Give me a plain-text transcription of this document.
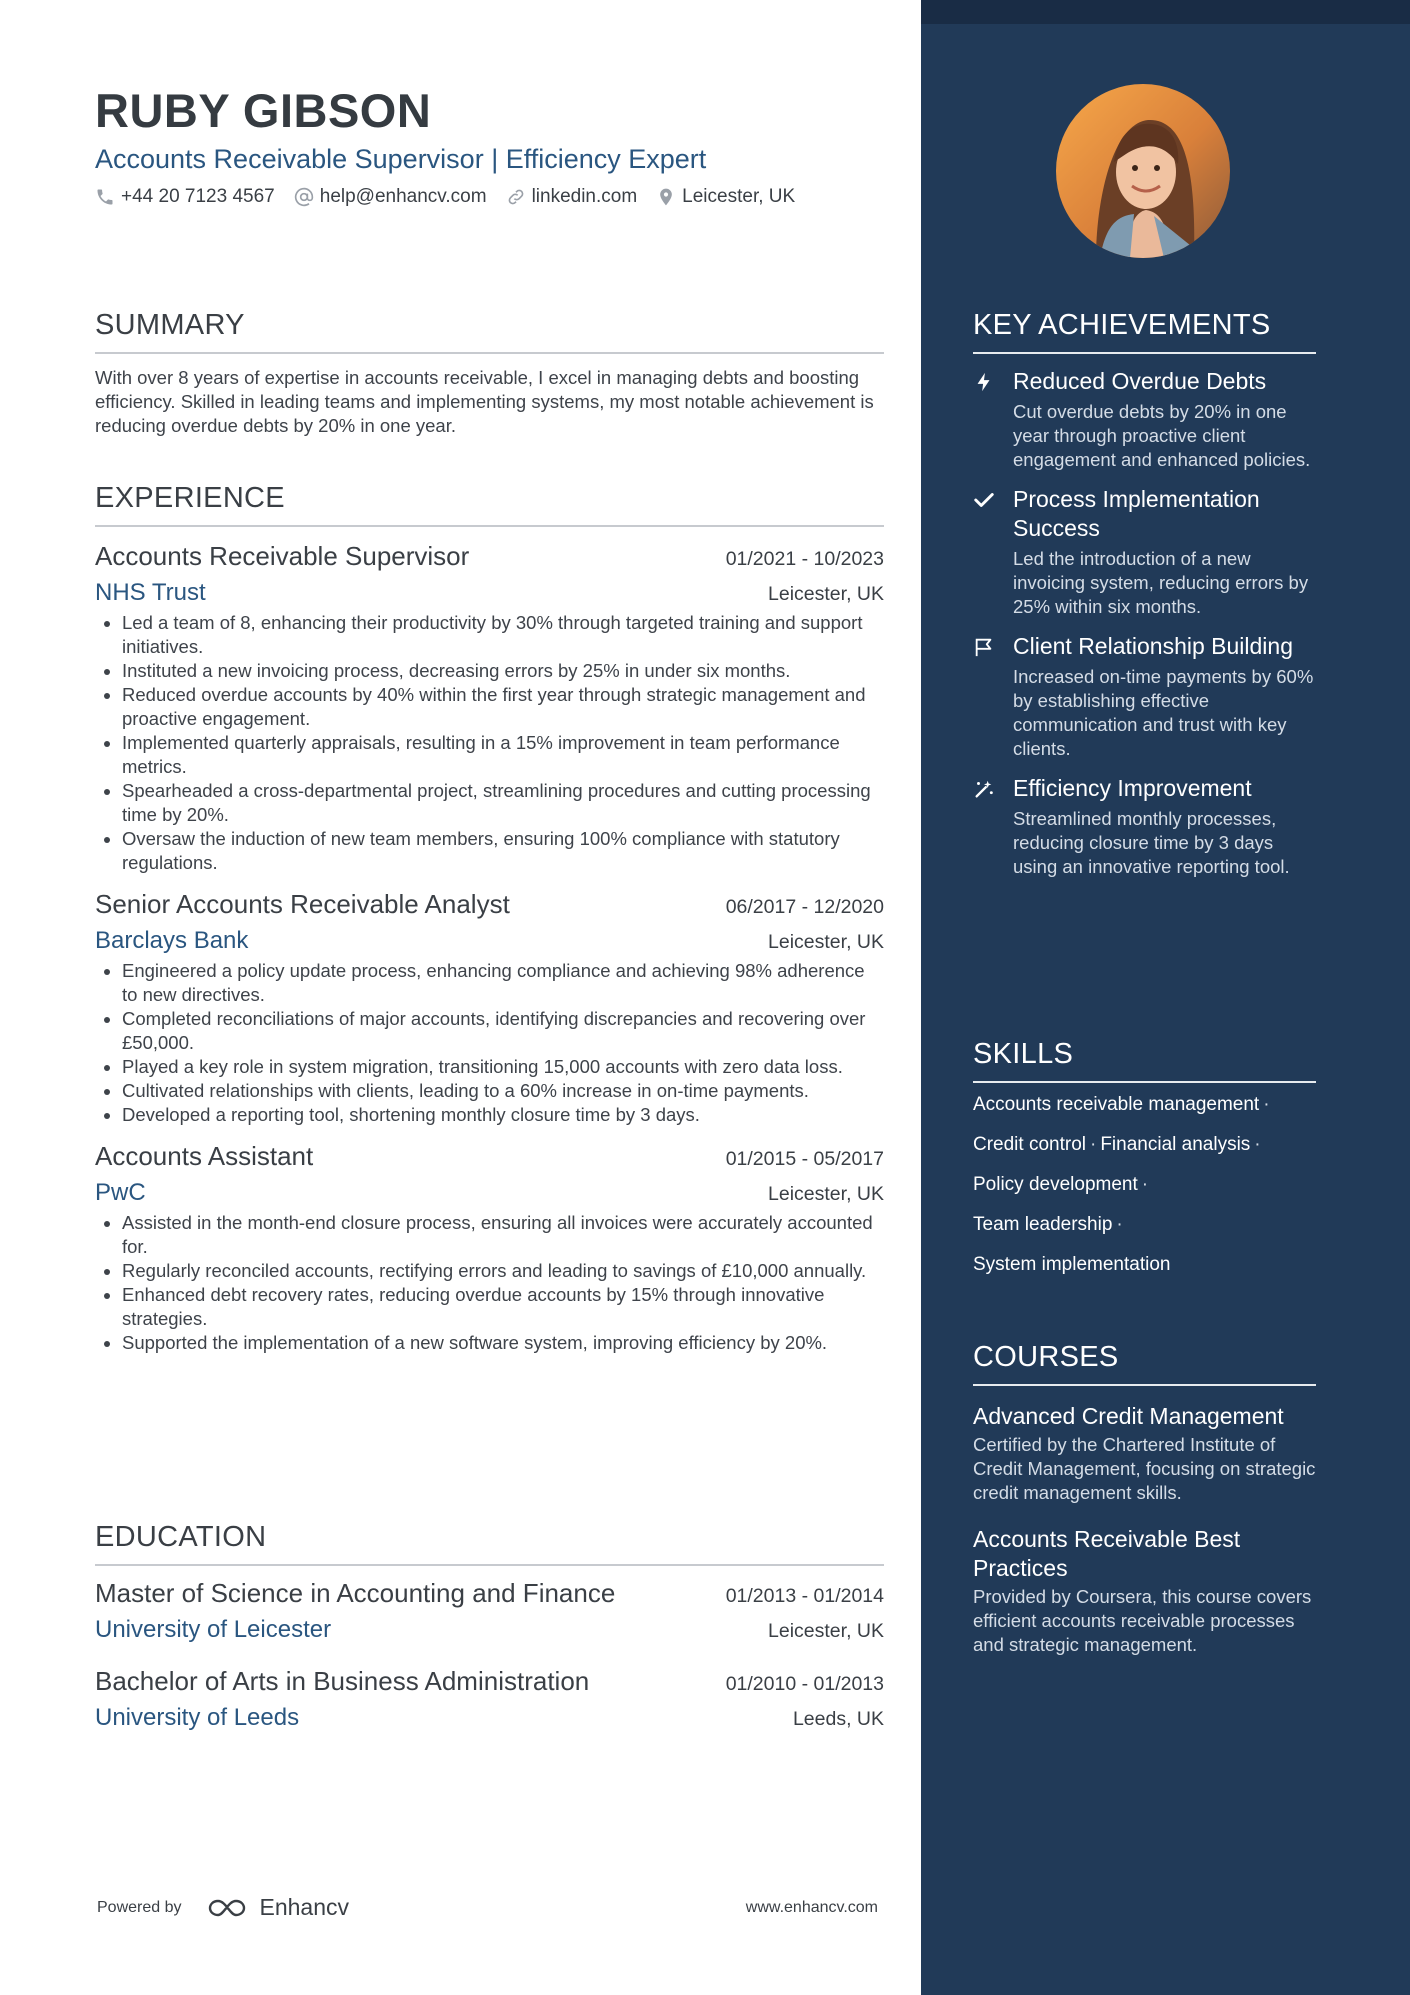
RUBY GIBSON
Accounts Receivable Supervisor | Efficiency Expert
+44 20 7123 4567 help@enhancv.com linkedin.com Leicester, UK
SUMMARY
With over 8 years of expertise in accounts receivable, I excel in managing debts and boosting efficiency. Skilled in leading teams and implementing systems, my most notable achievement is reducing overdue debts by 20% in one year.
EXPERIENCE
Accounts Receivable Supervisor	01/2021 - 10/2023
NHS Trust	Leicester, UK
• Led a team of 8, enhancing their productivity by 30% through targeted training and support initiatives.
• Instituted a new invoicing process, decreasing errors by 25% in under six months.
• Reduced overdue accounts by 40% within the first year through strategic management and proactive engagement.
• Implemented quarterly appraisals, resulting in a 15% improvement in team performance metrics.
• Spearheaded a cross-departmental project, streamlining procedures and cutting processing time by 20%.
• Oversaw the induction of new team members, ensuring 100% compliance with statutory regulations.
Senior Accounts Receivable Analyst	06/2017 - 12/2020
Barclays Bank	Leicester, UK
• Engineered a policy update process, enhancing compliance and achieving 98% adherence to new directives.
• Completed reconciliations of major accounts, identifying discrepancies and recovering over £50,000.
• Played a key role in system migration, transitioning 15,000 accounts with zero data loss.
• Cultivated relationships with clients, leading to a 60% increase in on-time payments.
• Developed a reporting tool, shortening monthly closure time by 3 days.
Accounts Assistant	01/2015 - 05/2017
PwC	Leicester, UK
• Assisted in the month-end closure process, ensuring all invoices were accurately accounted for.
• Regularly reconciled accounts, rectifying errors and leading to savings of £10,000 annually.
• Enhanced debt recovery rates, reducing overdue accounts by 15% through innovative strategies.
• Supported the implementation of a new software system, improving efficiency by 20%.
EDUCATION
Master of Science in Accounting and Finance	01/2013 - 01/2014
University of Leicester	Leicester, UK
Bachelor of Arts in Business Administration	01/2010 - 01/2013
University of Leeds	Leeds, UK
Powered by	Enhancv	www.enhancv.com
KEY ACHIEVEMENTS
Reduced Overdue Debts
Cut overdue debts by 20% in one year through proactive client engagement and enhanced policies.
Process Implementation Success
Led the introduction of a new invoicing system, reducing errors by 25% within six months.
Client Relationship Building
Increased on-time payments by 60% by establishing effective communication and trust with key clients.
Efficiency Improvement
Streamlined monthly processes, reducing closure time by 3 days using an innovative reporting tool.
SKILLS
Accounts receivable management ·
Credit control · Financial analysis ·
Policy development ·
Team leadership ·
System implementation
COURSES
Advanced Credit Management
Certified by the Chartered Institute of Credit Management, focusing on strategic credit management skills.
Accounts Receivable Best Practices
Provided by Coursera, this course covers efficient accounts receivable processes and strategic management.
